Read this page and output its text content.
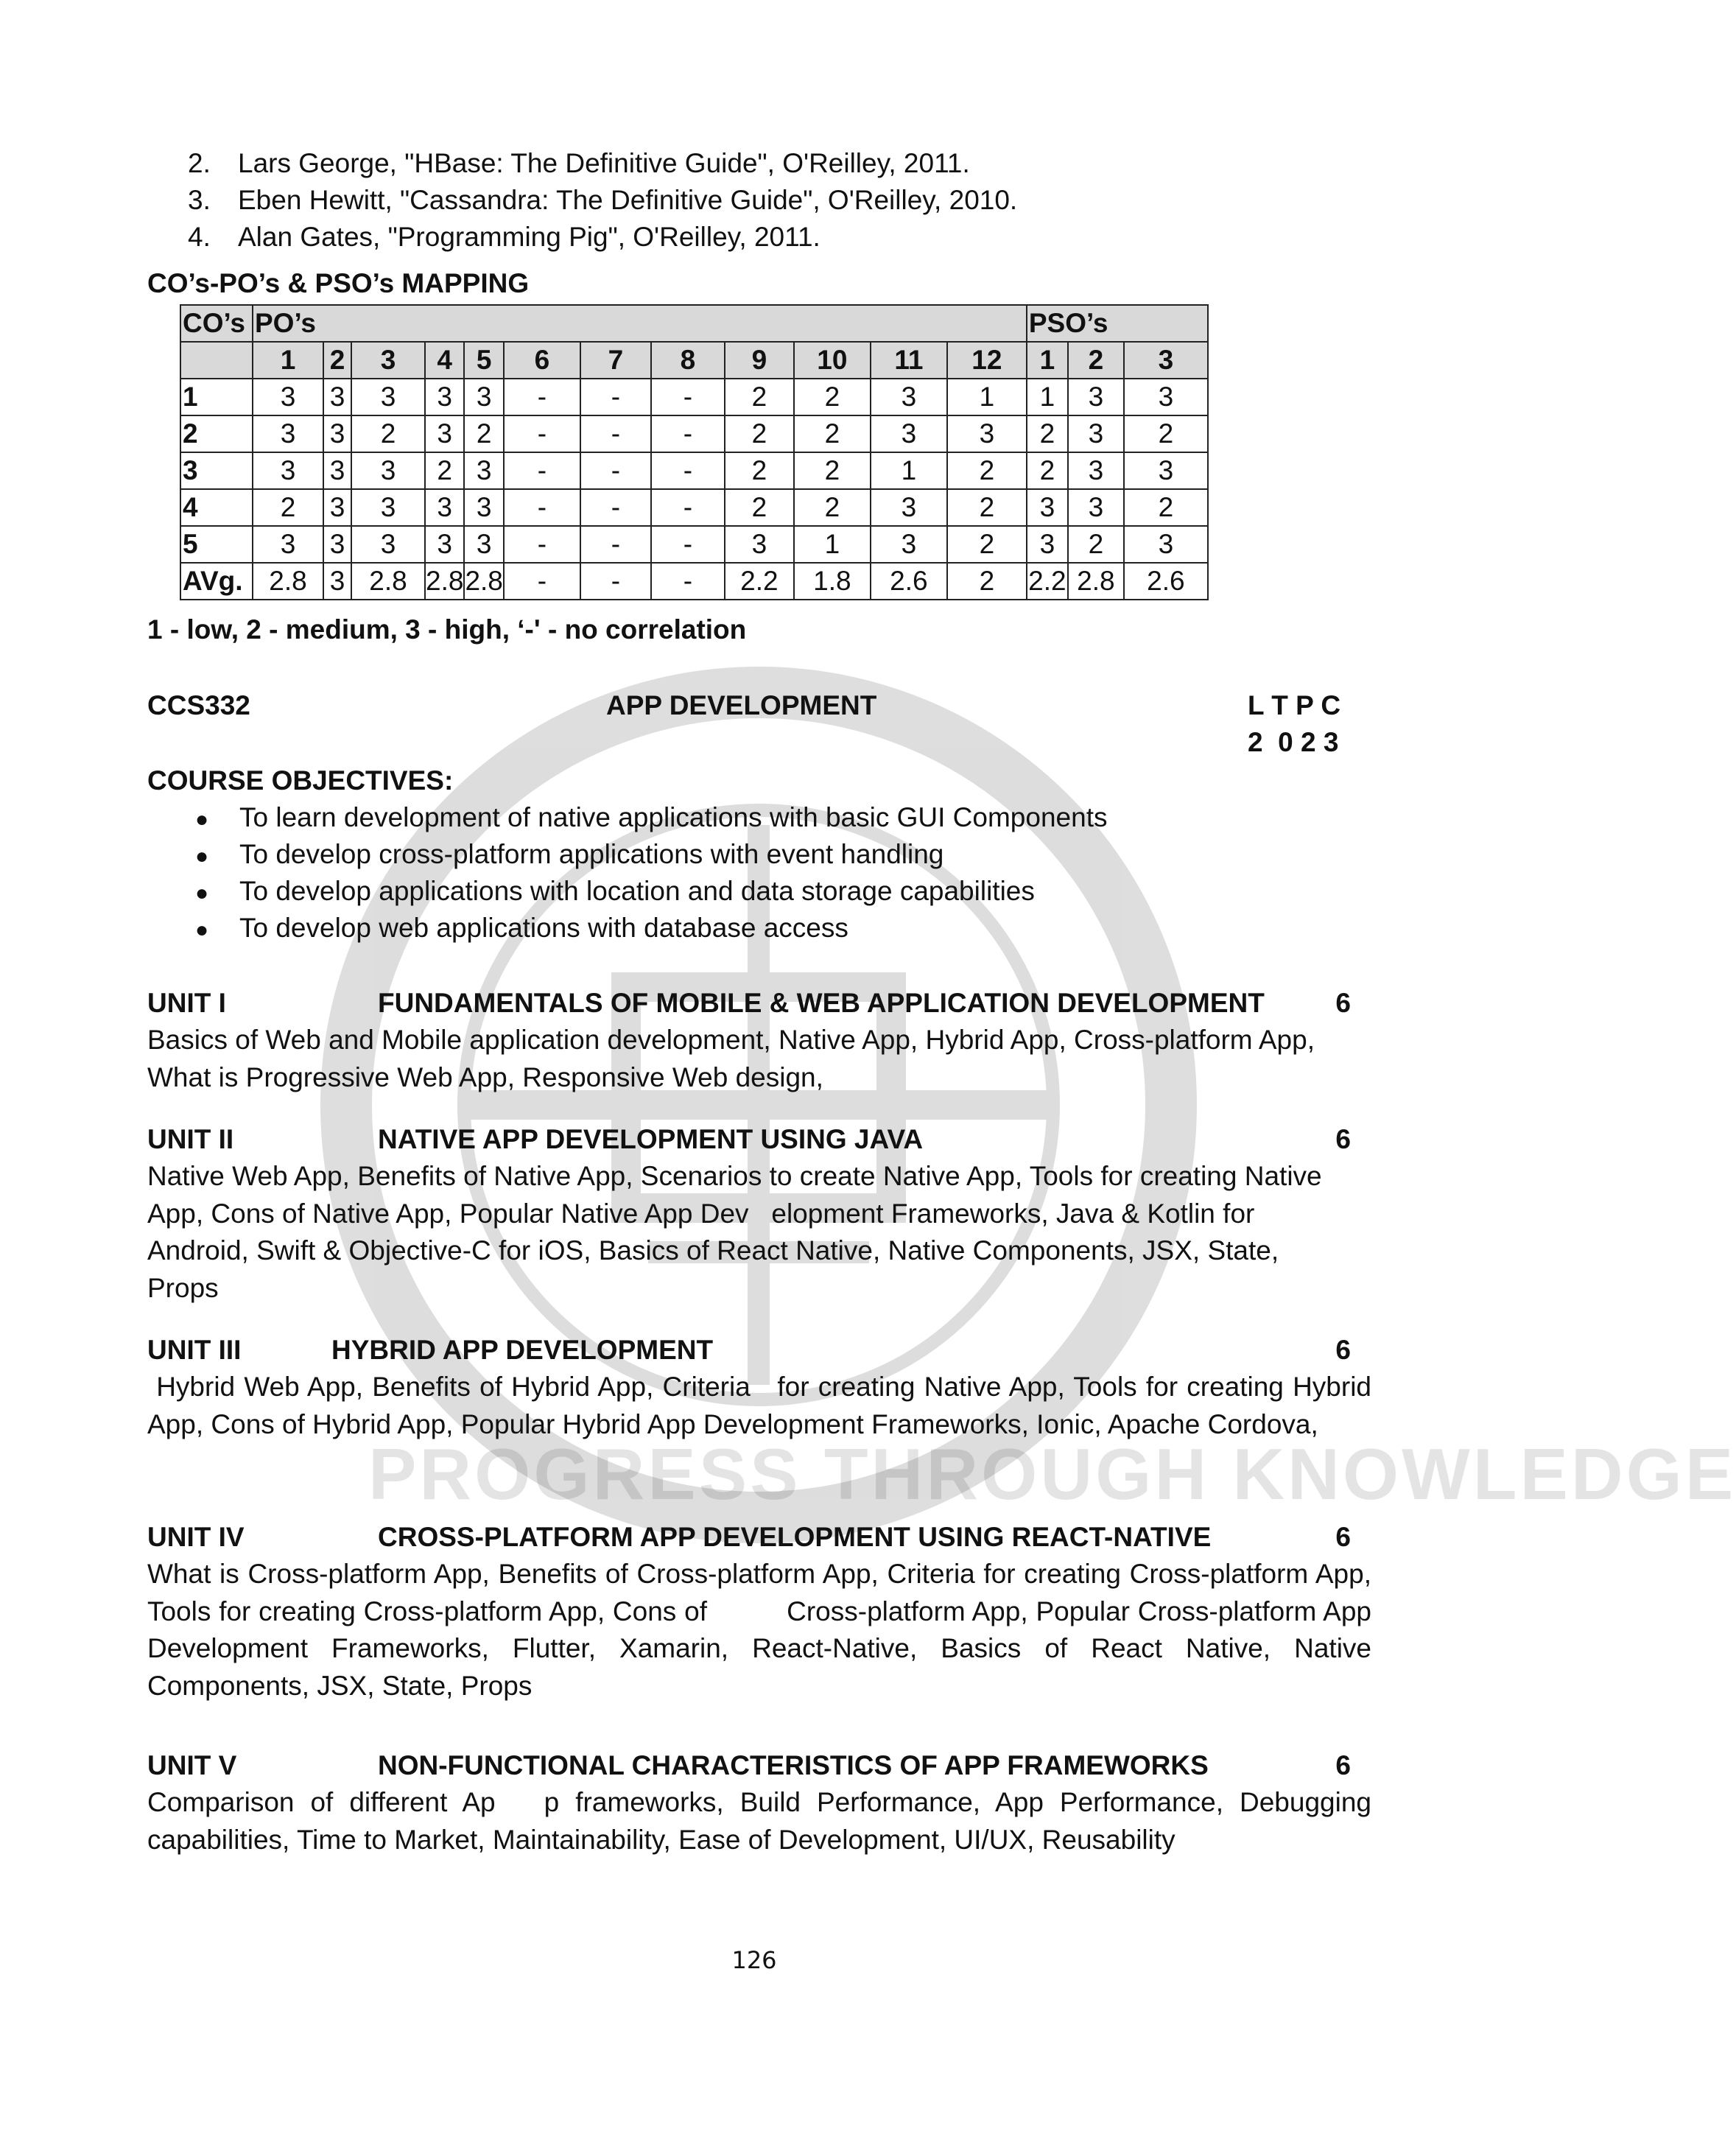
PROGRESS THROUGH KNOWLEDGE
2. Lars George, "HBase: The Definitive Guide", O'Reilley, 2011.
3. Eben Hewitt, "Cassandra: The Definitive Guide", O'Reilley, 2010.
4. Alan Gates, "Programming Pig", O'Reilley, 2011.
CO’s-PO’s & PSO’s MAPPING
CO’s	PO’s												PSO’s		
	1	2	3	4	5	6	7	8	9	10	11	12	1	2	3
1	3	3	3	3	3	-	-	-	2	2	3	1	1	3	3
2	3	3	2	3	2	-	-	-	2	2	3	3	2	3	2
3	3	3	3	2	3	-	-	-	2	2	1	2	2	3	3
4	2	3	3	3	3	-	-	-	2	2	3	2	3	3	2
5	3	3	3	3	3	-	-	-	3	1	3	2	3	2	3
AVg.	2.8	3	2.8	2.8	2.8	-	-	-	2.2	1.8	2.6	2	2.2	2.8	2.6
1 - low, 2 - medium, 3 - high, ‘-' - no correlation
CCS332	APP DEVELOPMENT	L T P C
2  0 2 3
COURSE OBJECTIVES:
● To learn development of native applications with basic GUI Components
● To develop cross-platform applications with event handling
● To develop applications with location and data storage capabilities
● To develop web applications with database access
UNIT I	FUNDAMENTALS OF MOBILE & WEB APPLICATION DEVELOPMENT	6
Basics of Web and Mobile application development, Native App, Hybrid App, Cross-platform App, What is Progressive Web App, Responsive Web design,
UNIT II	NATIVE APP DEVELOPMENT USING JAVA	6
Native Web App, Benefits of Native App, Scenarios to create Native App, Tools for creating Native App, Cons of Native App, Popular Native App Dev   elopment Frameworks, Java & Kotlin for Android, Swift & Objective-C for iOS, Basics of React Native, Native Components, JSX, State, Props
UNIT III	HYBRID APP DEVELOPMENT	6
Hybrid Web App, Benefits of Hybrid App, Criteria   for creating Native App, Tools for creating Hybrid App, Cons of Hybrid App, Popular Hybrid App Development Frameworks, Ionic, Apache Cordova,
UNIT IV	CROSS-PLATFORM APP DEVELOPMENT USING REACT-NATIVE	6
What is Cross-platform App, Benefits of Cross-platform App, Criteria for creating Cross-platform App, Tools for creating Cross-platform App, Cons of          Cross-platform App, Popular Cross-platform App Development Frameworks, Flutter, Xamarin, React-Native, Basics of React Native, Native Components, JSX, State, Props
UNIT V	NON-FUNCTIONAL CHARACTERISTICS OF APP FRAMEWORKS	6
Comparison of different Ap   p frameworks, Build Performance, App Performance, Debugging capabilities, Time to Market, Maintainability, Ease of Development, UI/UX, Reusability
126
